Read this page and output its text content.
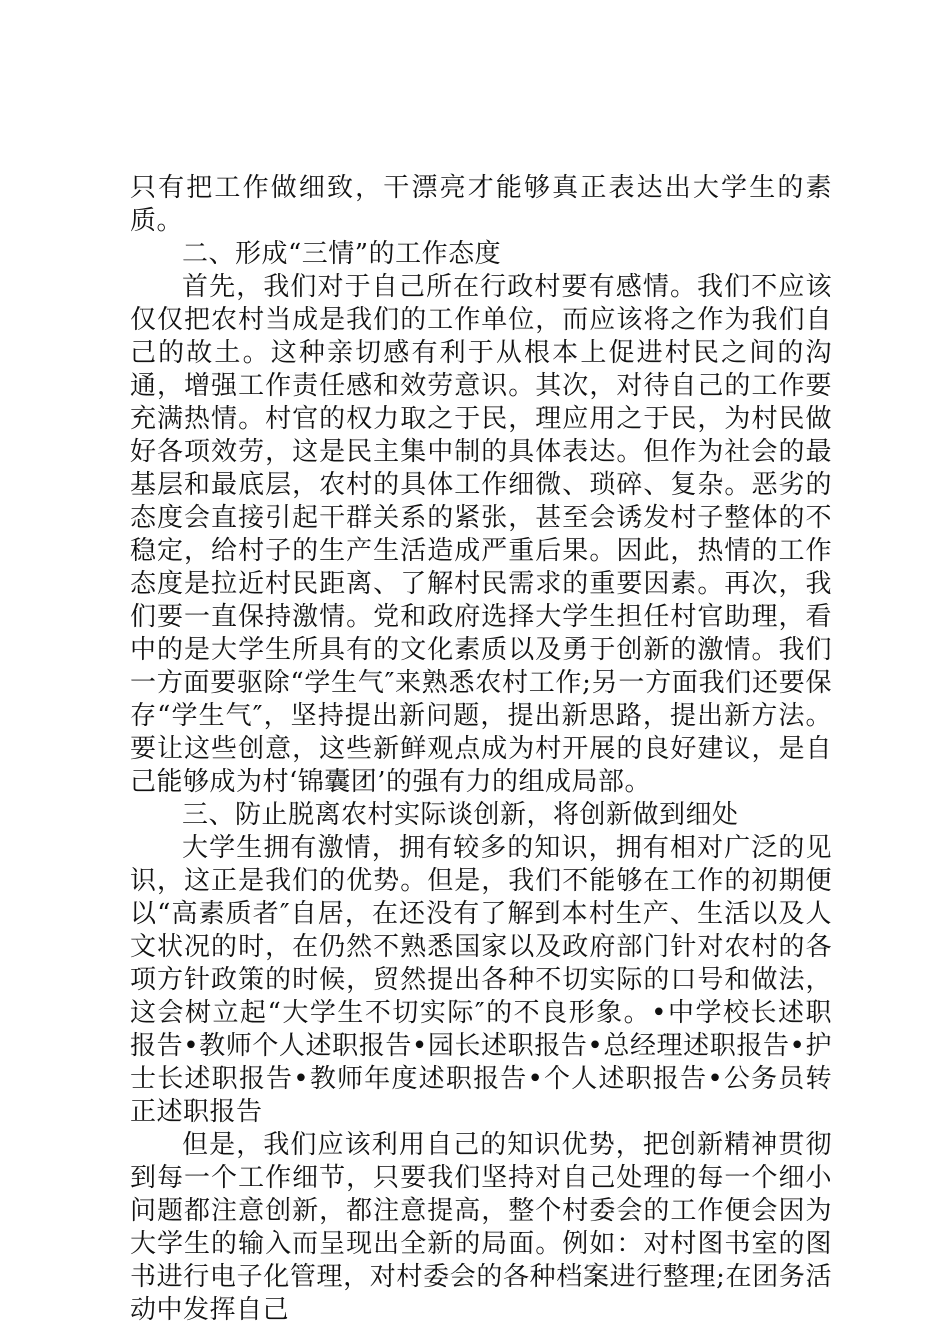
只有把工作做细致，干漂亮才能够真正表达出大学生的素质。

二、形成“三情”的工作态度

首先，我们对于自己所在行政村要有感情。我们不应该仅仅把农村当成是我们的工作单位，而应该将之作为我们自己的故土。这种亲切感有利于从根本上促进村民之间的沟通，增强工作责任感和效劳意识。其次，对待自己的工作要充满热情。村官的权力取之于民，理应用之于民，为村民做好各项效劳，这是民主集中制的具体表达。但作为社会的最基层和最底层，农村的具体工作细微、琐碎、复杂。恶劣的态度会直接引起干群关系的紧张，甚至会诱发村子整体的不稳定，给村子的生产生活造成严重后果。因此，热情的工作态度是拉近村民距离、了解村民需求的重要因素。再次，我们要一直保持激情。党和政府选择大学生担任村官助理，看中的是大学生所具有的文化素质以及勇于创新的激情。我们一方面要驱除“学生气″来熟悉农村工作;另一方面我们还要保存“学生气″，坚持提出新问题，提出新思路，提出新方法。要让这些创意，这些新鲜观点成为村开展的良好建议，是自己能够成为村‘锦囊团’的强有力的组成局部。

三、防止脱离农村实际谈创新，将创新做到细处

大学生拥有激情，拥有较多的知识，拥有相对广泛的见识，这正是我们的优势。但是，我们不能够在工作的初期便以“高素质者″自居，在还没有了解到本村生产、生活以及人文状况的时，在仍然不熟悉国家以及政府部门针对农村的各项方针政策的时候，贸然提出各种不切实际的口号和做法，这会树立起“大学生不切实际″的不良形象。•中学校长述职报告•教师个人述职报告•园长述职报告•总经理述职报告•护士长述职报告•教师年度述职报告•个人述职报告•公务员转正述职报告

但是，我们应该利用自己的知识优势，把创新精神贯彻到每一个工作细节，只要我们坚持对自己处理的每一个细小问题都注意创新，都注意提高，整个村委会的工作便会因为大学生的输入而呈现出全新的局面。例如：对村图书室的图书进行电子化管理，对村委会的各种档案进行整理;在团务活动中发挥自己
